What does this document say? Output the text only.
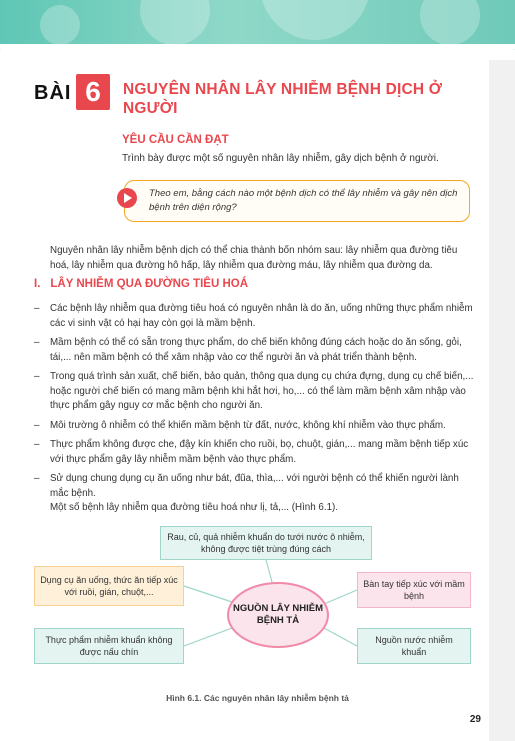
BÀI 6	NGUYÊN NHÂN LÂY NHIỄM BỆNH DỊCH Ở NGƯỜI
YÊU CẦU CẦN ĐẠT
Trình bày được một số nguyên nhân lây nhiễm, gây dịch bệnh ở người.
Theo em, bằng cách nào một bệnh dịch có thể lây nhiễm và gây nên dịch bệnh trên diện rộng?
Nguyên nhân lây nhiễm bệnh dịch có thể chia thành bốn nhóm sau: lây nhiễm qua đường tiêu hoá, lây nhiễm qua đường hô hấp, lây nhiễm qua đường máu, lây nhiễm qua đường da.
I. LÂY NHIỄM QUA ĐƯỜNG TIÊU HOÁ
– Các bệnh lây nhiễm qua đường tiêu hoá có nguyên nhân là do ăn, uống những thực phẩm nhiễm các vi sinh vật có hại hay còn gọi là mầm bệnh.
– Mầm bệnh có thể có sẵn trong thực phẩm, do chế biến không đúng cách hoặc do ăn sống, gỏi, tái,... nên mầm bệnh có thể xâm nhập vào cơ thể người ăn và phát triển thành bệnh.
– Trong quá trình sản xuất, chế biến, bảo quản, thông qua dụng cụ chứa đựng, dụng cụ chế biến,... hoặc người chế biến có mang mầm bệnh khi hắt hơi, ho,... có thể làm mầm bệnh xâm nhập vào thực phẩm gây nguy cơ mắc bệnh cho người ăn.
– Môi trường ô nhiễm có thể khiến mầm bệnh từ đất, nước, không khí nhiễm vào thực phẩm.
– Thực phẩm không được che, đậy kín khiến cho ruồi, bọ, chuột, gián,... mang mầm bệnh tiếp xúc với thực phẩm gây lây nhiễm mầm bệnh vào thực phẩm.
– Sử dụng chung dụng cụ ăn uống như bát, đũa, thìa,... với người bệnh có thể khiến người lành mắc bệnh.
Một số bệnh lây nhiễm qua đường tiêu hoá như lị, tả,... (Hình 6.1).
Rau, củ, quả nhiễm khuẩn do tưới nước ô nhiễm, không được tiệt trùng đúng cách
Dụng cụ ăn uống, thức ăn tiếp xúc với ruồi, gián, chuột,...
Thực phẩm nhiễm khuẩn không được nấu chín
Bàn tay tiếp xúc với mầm bệnh
Nguồn nước nhiễm khuẩn
NGUỒN LÂY NHIỄM BỆNH TẢ
Hình 6.1. Các nguyên nhân lây nhiễm bệnh tả
29
